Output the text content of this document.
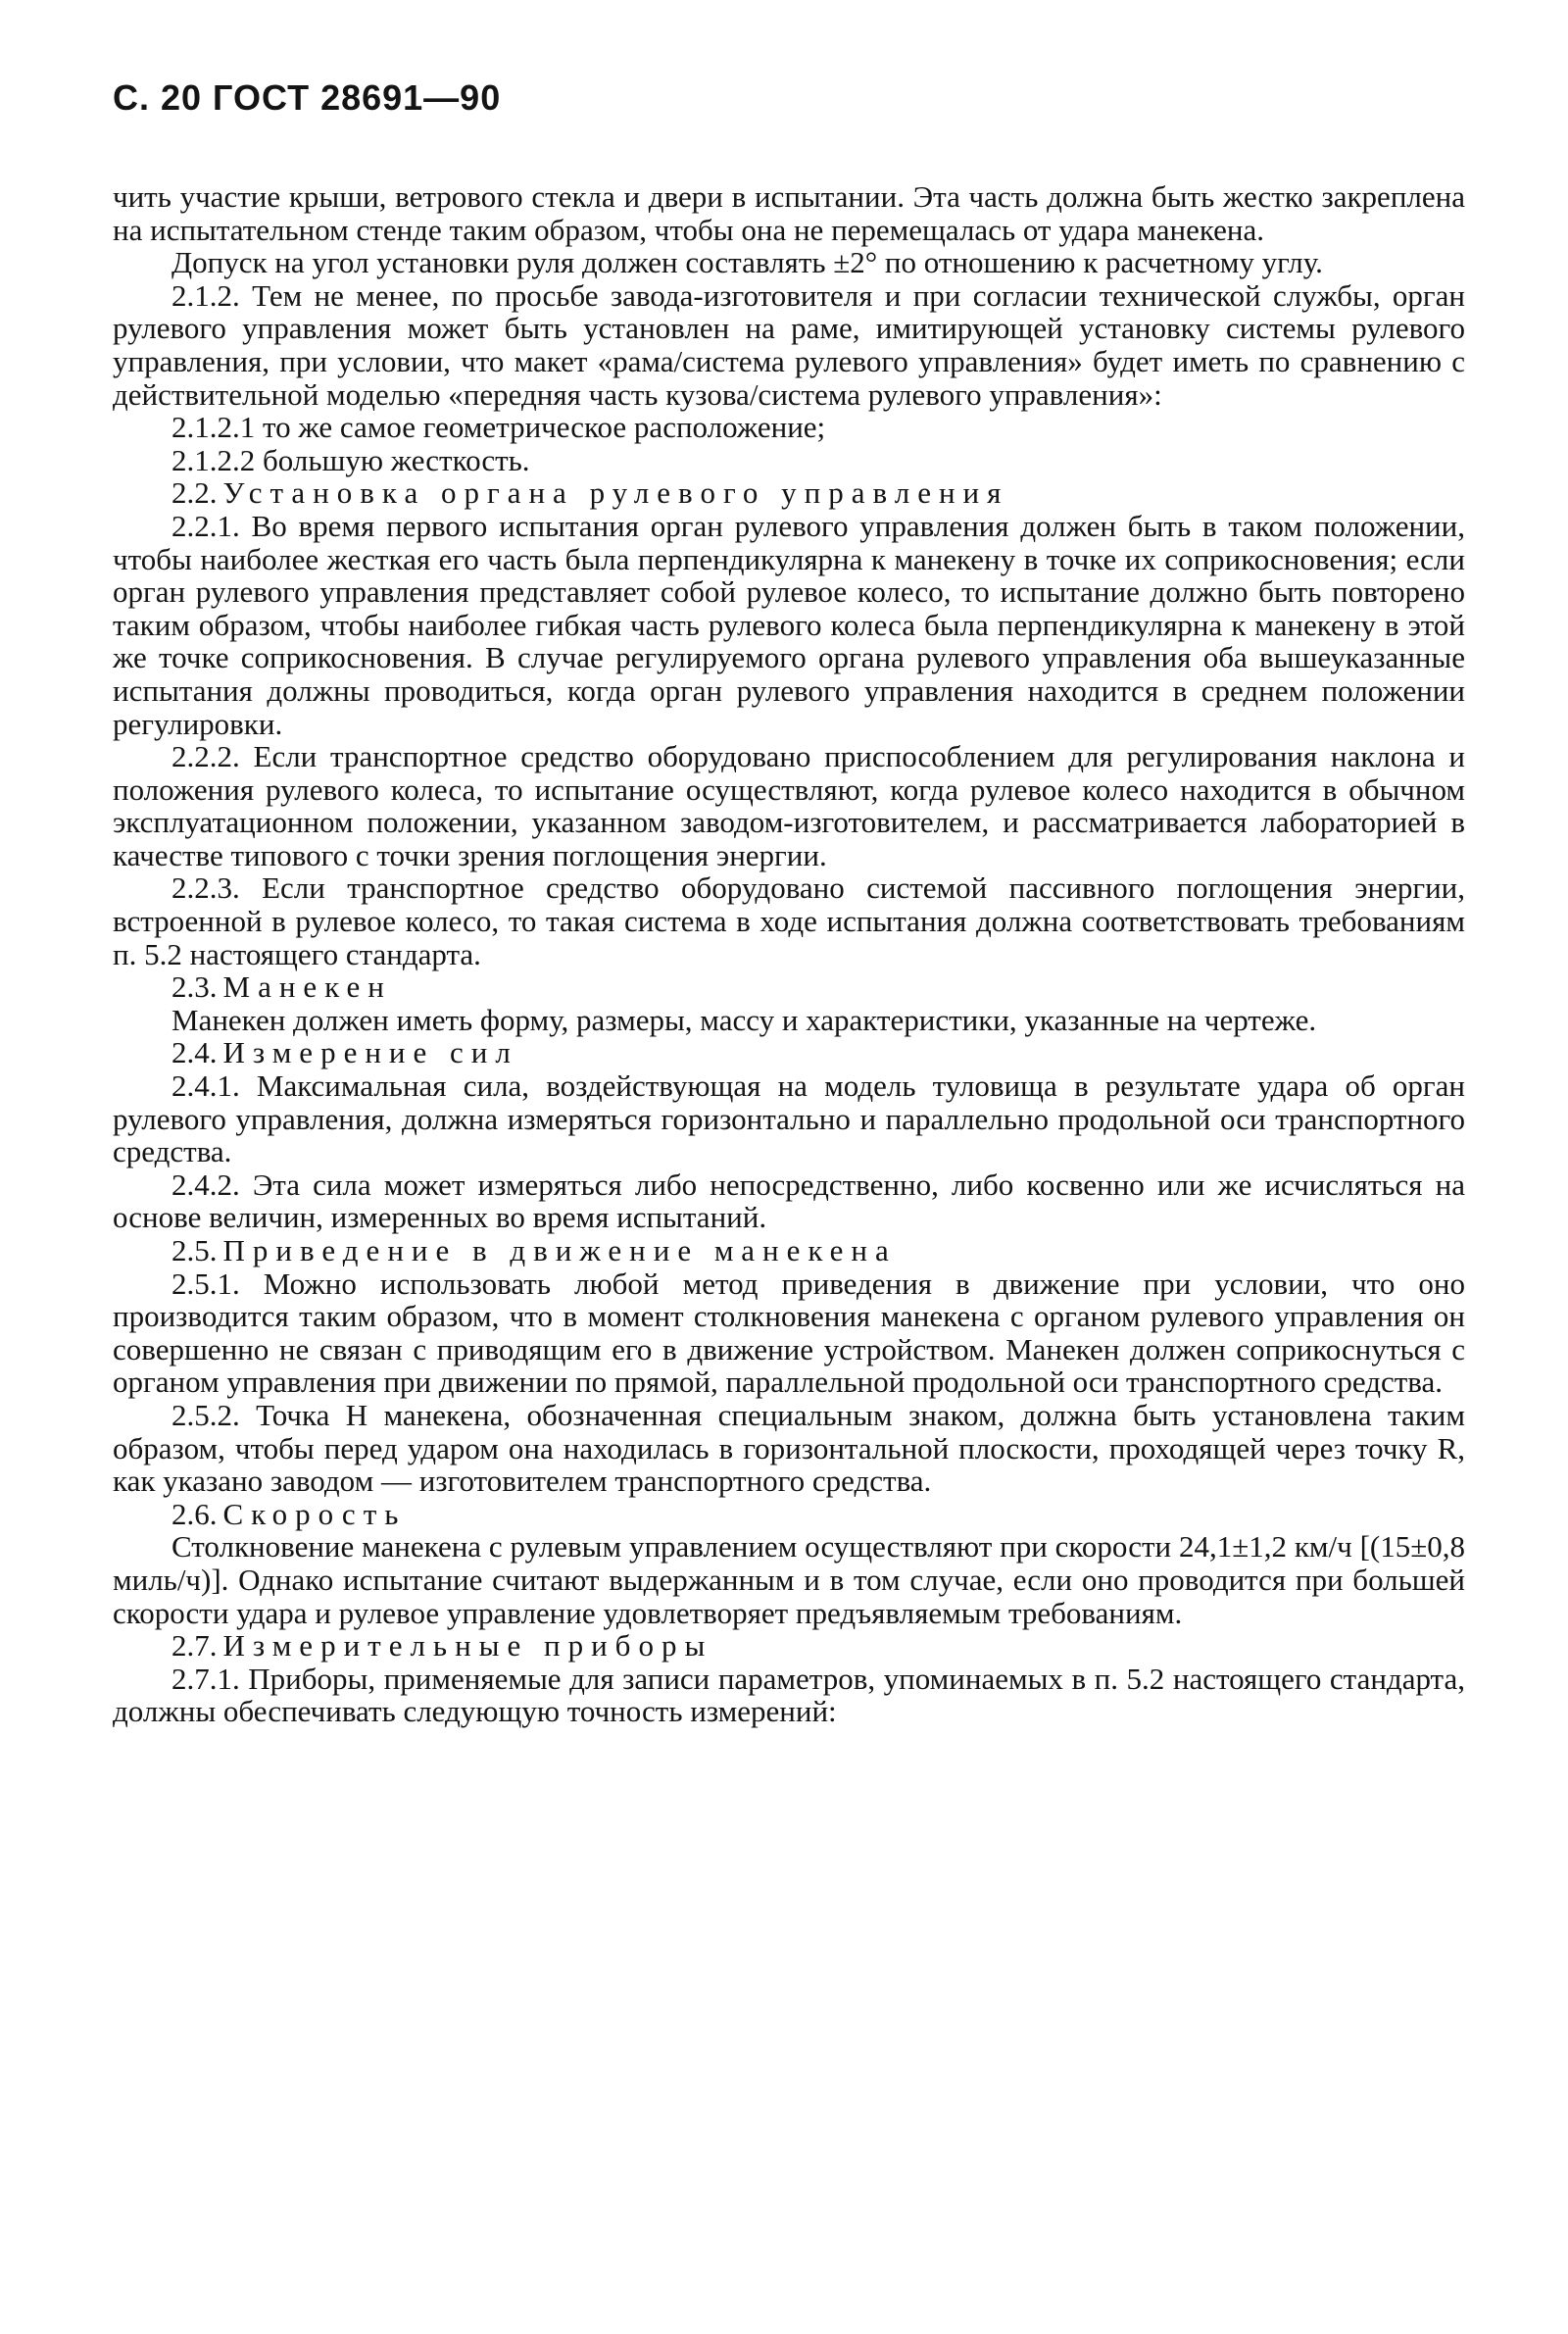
С. 20 ГОСТ 28691—90

чить участие крыши, ветрового стекла и двери в испытании. Эта часть должна быть жестко закреплена на испытательном стенде таким образом, чтобы она не перемещалась от удара манекена.

Допуск на угол установки руля должен составлять ±2° по отношению к расчетному углу.

2.1.2. Тем не менее, по просьбе завода-изготовителя и при согласии технической службы, орган рулевого управления может быть установлен на раме, имитирующей установку системы рулевого управления, при условии, что макет «рама/система рулевого управления» будет иметь по сравнению с действительной моделью «передняя часть кузова/система рулевого управления»:

2.1.2.1 то же самое геометрическое расположение;

2.1.2.2 большую жесткость.

2.2. Установка органа рулевого управления

2.2.1. Во время первого испытания орган рулевого управления должен быть в таком положении, чтобы наиболее жесткая его часть была перпендикулярна к манекену в точке их соприкосновения; если орган рулевого управления представляет собой рулевое колесо, то испытание должно быть повторено таким образом, чтобы наиболее гибкая часть рулевого колеса была перпендикулярна к манекену в этой же точке соприкосновения. В случае регулируемого органа рулевого управления оба вышеуказанные испытания должны проводиться, когда орган рулевого управления находится в среднем положении регулировки.

2.2.2. Если транспортное средство оборудовано приспособлением для регулирования наклона и положения рулевого колеса, то испытание осуществляют, когда рулевое колесо находится в обычном эксплуатационном положении, указанном заводом-изготовителем, и рассматривается лабораторией в качестве типового с точки зрения поглощения энергии.

2.2.3. Если транспортное средство оборудовано системой пассивного поглощения энергии, встроенной в рулевое колесо, то такая система в ходе испытания должна соответствовать требованиям п. 5.2 настоящего стандарта.

2.3. Манекен

Манекен должен иметь форму, размеры, массу и характеристики, указанные на чертеже.

2.4. Измерение сил

2.4.1. Максимальная сила, воздействующая на модель туловища в результате удара об орган рулевого управления, должна измеряться горизонтально и параллельно продольной оси транспортного средства.

2.4.2. Эта сила может измеряться либо непосредственно, либо косвенно или же исчисляться на основе величин, измеренных во время испытаний.

2.5. Приведение в движение манекена

2.5.1. Можно использовать любой метод приведения в движение при условии, что оно производится таким образом, что в момент столкновения манекена с органом рулевого управления он совершенно не связан с приводящим его в движение устройством. Манекен должен соприкоснуться с органом управления при движении по прямой, параллельной продольной оси транспортного средства.

2.5.2. Точка H манекена, обозначенная специальным знаком, должна быть установлена таким образом, чтобы перед ударом она находилась в горизонтальной плоскости, проходящей через точку R, как указано заводом — изготовителем транспортного средства.

2.6. Скорость

Столкновение манекена с рулевым управлением осуществляют при скорости 24,1±1,2 км/ч [(15±0,8 миль/ч)]. Однако испытание считают выдержанным и в том случае, если оно проводится при большей скорости удара и рулевое управление удовлетворяет предъявляемым требованиям.

2.7. Измерительные приборы

2.7.1. Приборы, применяемые для записи параметров, упоминаемых в п. 5.2 настоящего стандарта, должны обеспечивать следующую точность измерений:
